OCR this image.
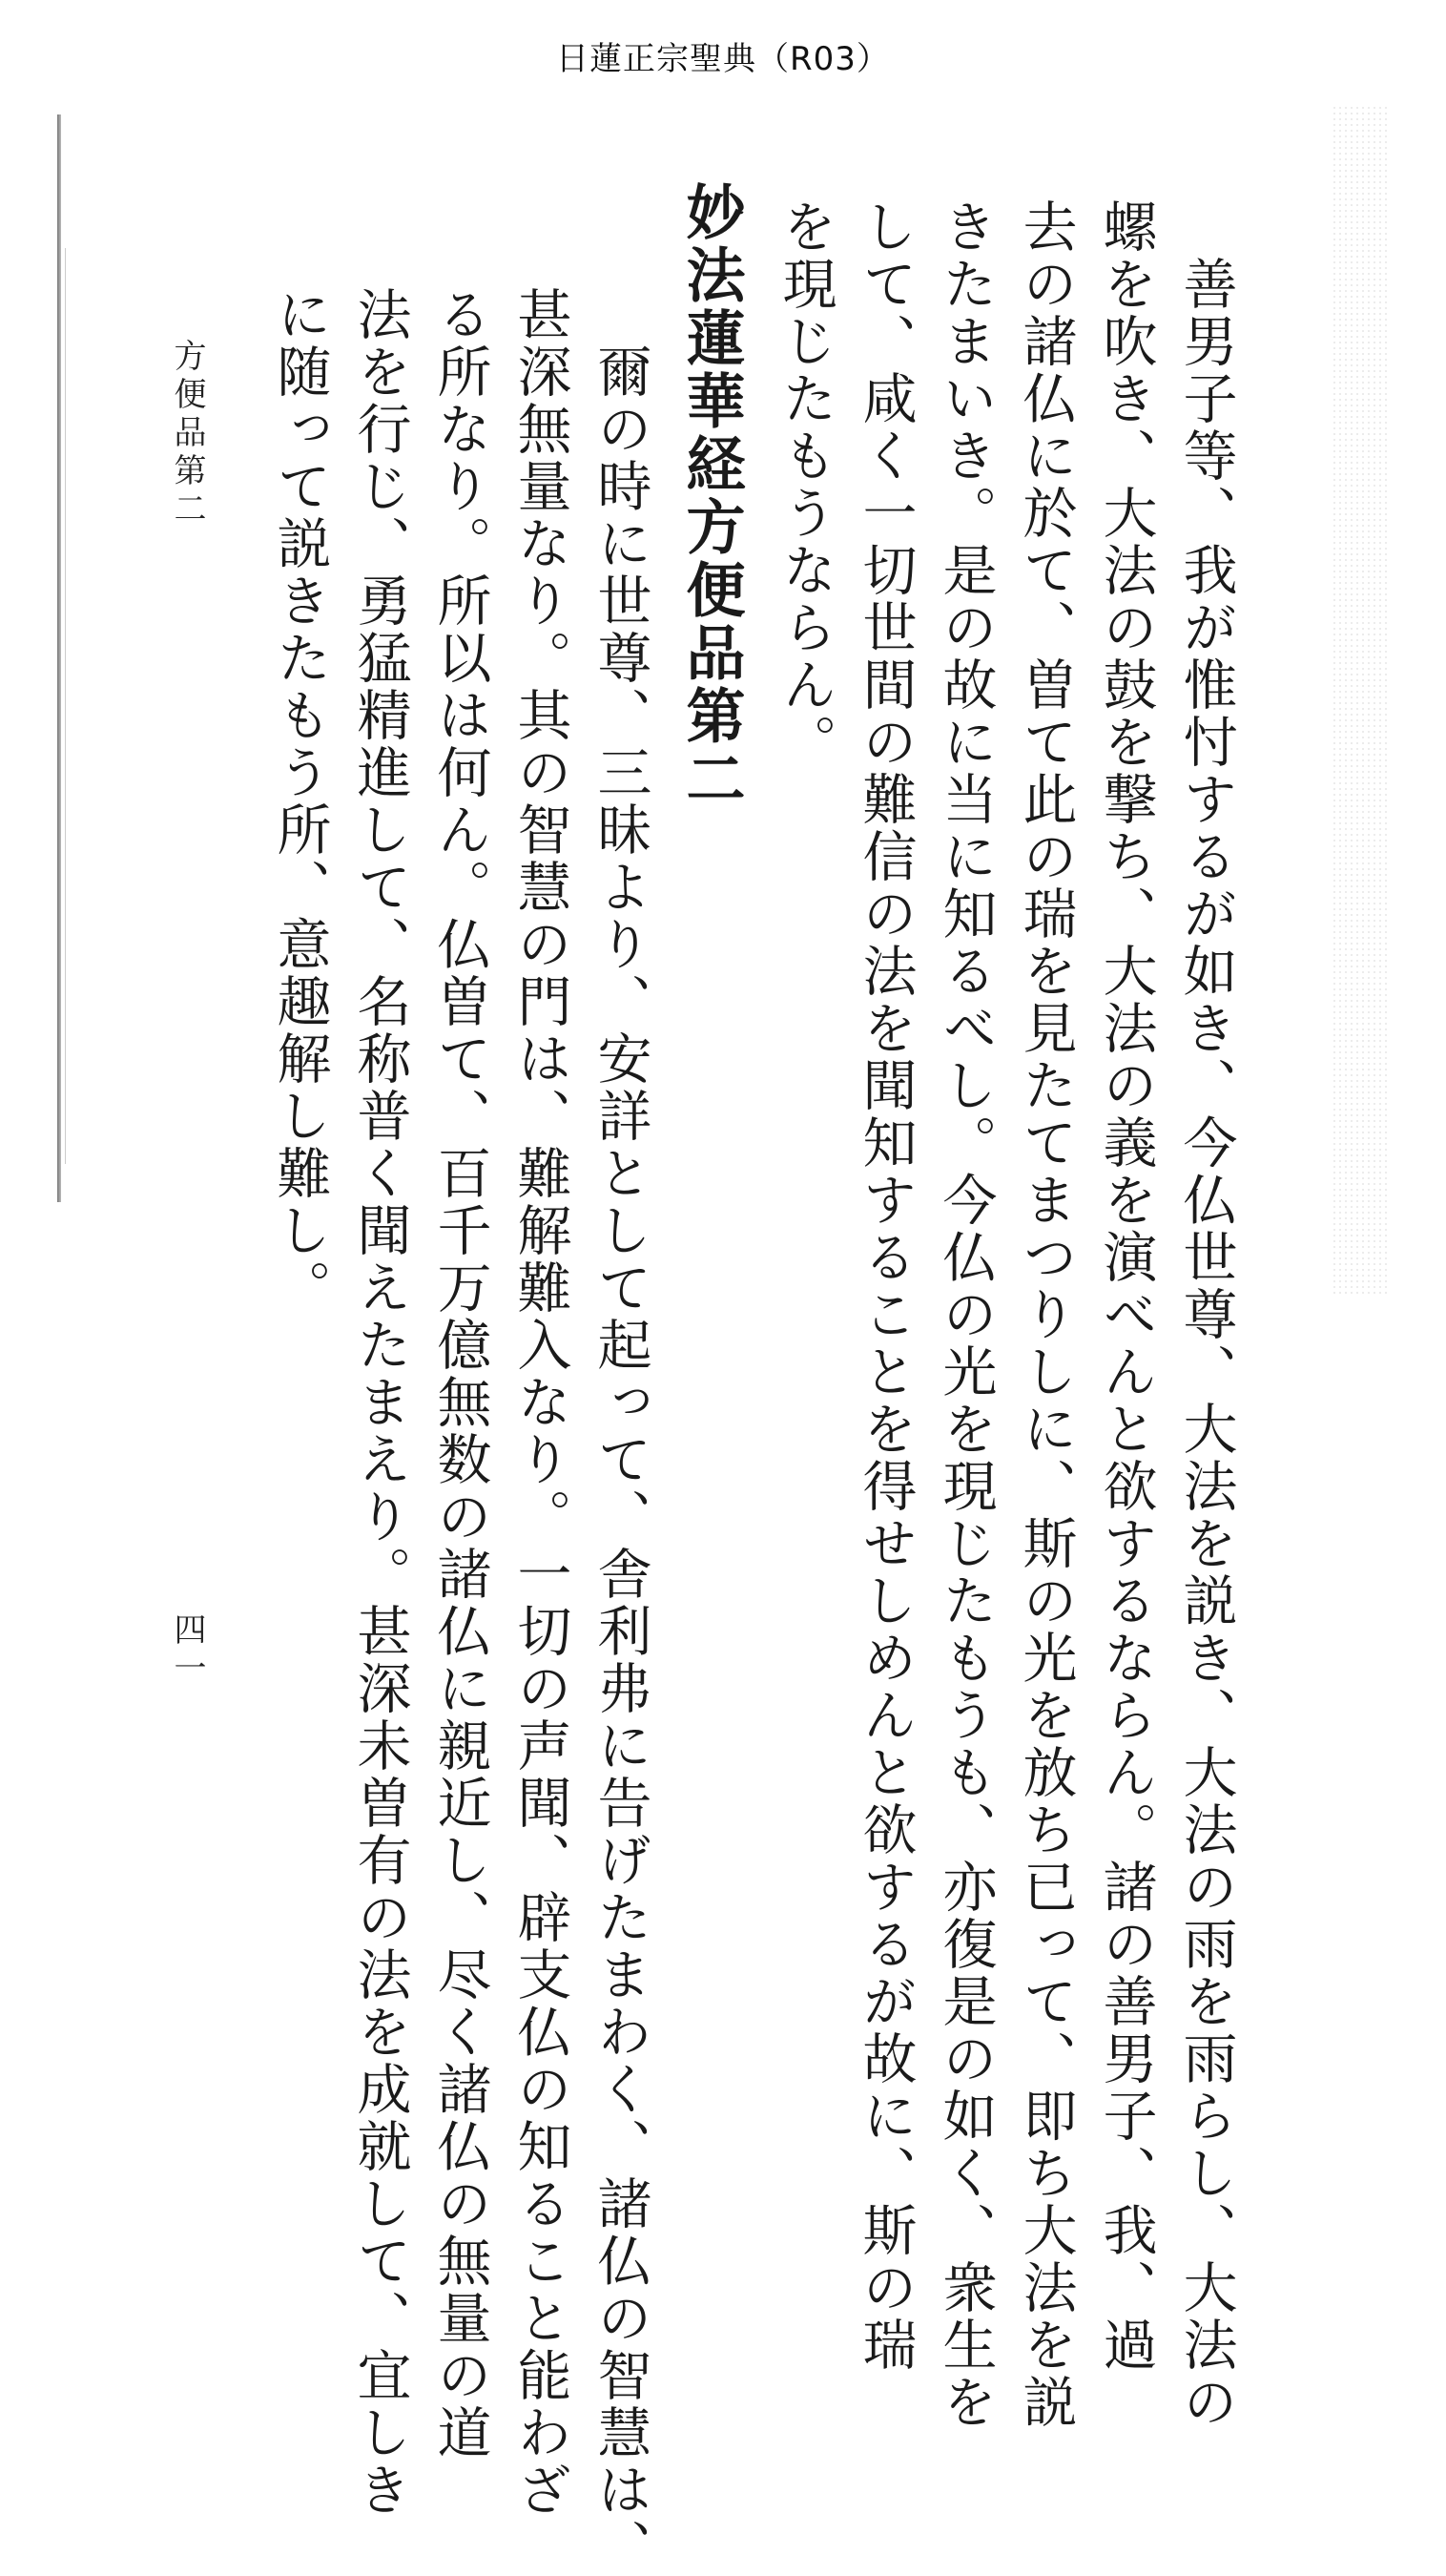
日蓮正宗聖典（R03）
　善男子等、我が惟忖するが如き、今仏世尊、大法を説き、大法の雨を雨らし、大法の
螺を吹き、大法の鼓を撃ち、大法の義を演べんと欲するならん。諸の善男子、我、過
去の諸仏に於て、曽て此の瑞を見たてまつりしに、斯の光を放ち已って、即ち大法を説
きたまいき。是の故に当に知るべし。今仏の光を現じたもうも、亦復是の如く、衆生を
して、咸く一切世間の難信の法を聞知することを得せしめんと欲するが故に、斯の瑞
を現じたもうならん。
妙法蓮華経方便品第二
　爾の時に世尊、三昧より、安詳として起って、舎利弗に告げたまわく、諸仏の智慧は、
甚深無量なり。其の智慧の門は、難解難入なり。一切の声聞、辟支仏の知ること能わざ
る所なり。所以は何ん。仏曽て、百千万億無数の諸仏に親近し、尽く諸仏の無量の道
法を行じ、勇猛精進して、名称普く聞えたまえり。甚深未曽有の法を成就して、宜しき
に随って説きたもう所、意趣解し難し。
方便品第二
四一
